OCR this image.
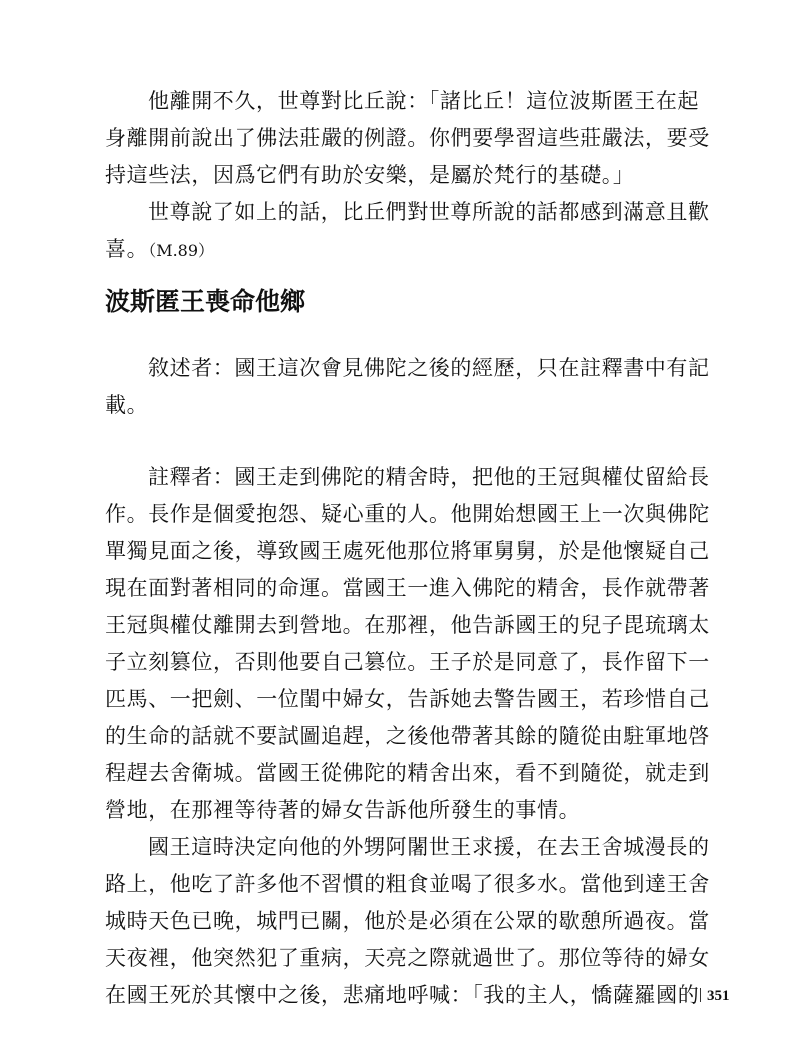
他離開不久，世尊對比丘說：「諸比丘！這位波斯匿王在起
身離開前說出了佛法莊嚴的例證。你們要學習這些莊嚴法，要受
持這些法，因爲它們有助於安樂，是屬於梵行的基礎。」
世尊說了如上的話，比丘們對世尊所說的話都感到滿意且歡
喜。（M.89）
波斯匿王喪命他鄉
敘述者：國王這次會見佛陀之後的經歷，只在註釋書中有記
載。
註釋者：國王走到佛陀的精舍時，把他的王冠與權仗留給長
作。長作是個愛抱怨、疑心重的人。他開始想國王上一次與佛陀
單獨見面之後，導致國王處死他那位將軍舅舅，於是他懷疑自己
現在面對著相同的命運。當國王一進入佛陀的精舍，長作就帶著
王冠與權仗離開去到營地。在那裡，他告訴國王的兒子毘琉璃太
子立刻篡位，否則他要自己篡位。王子於是同意了，長作留下一
匹馬、一把劍、一位閨中婦女，告訴她去警告國王，若珍惜自己
的生命的話就不要試圖追趕，之後他帶著其餘的隨從由駐軍地啓
程趕去舍衛城。當國王從佛陀的精舍出來，看不到隨從，就走到
營地，在那裡等待著的婦女告訴他所發生的事情。
國王這時決定向他的外甥阿闍世王求援，在去王舍城漫長的
路上，他吃了許多他不習慣的粗食並喝了很多水。當他到達王舍
城時天色已晚，城門已關，他於是必須在公眾的歇憩所過夜。當
天夜裡，他突然犯了重病，天亮之際就過世了。那位等待的婦女
在國王死於其懷中之後，悲痛地呼喊：「我的主人，憍薩羅國的 351
